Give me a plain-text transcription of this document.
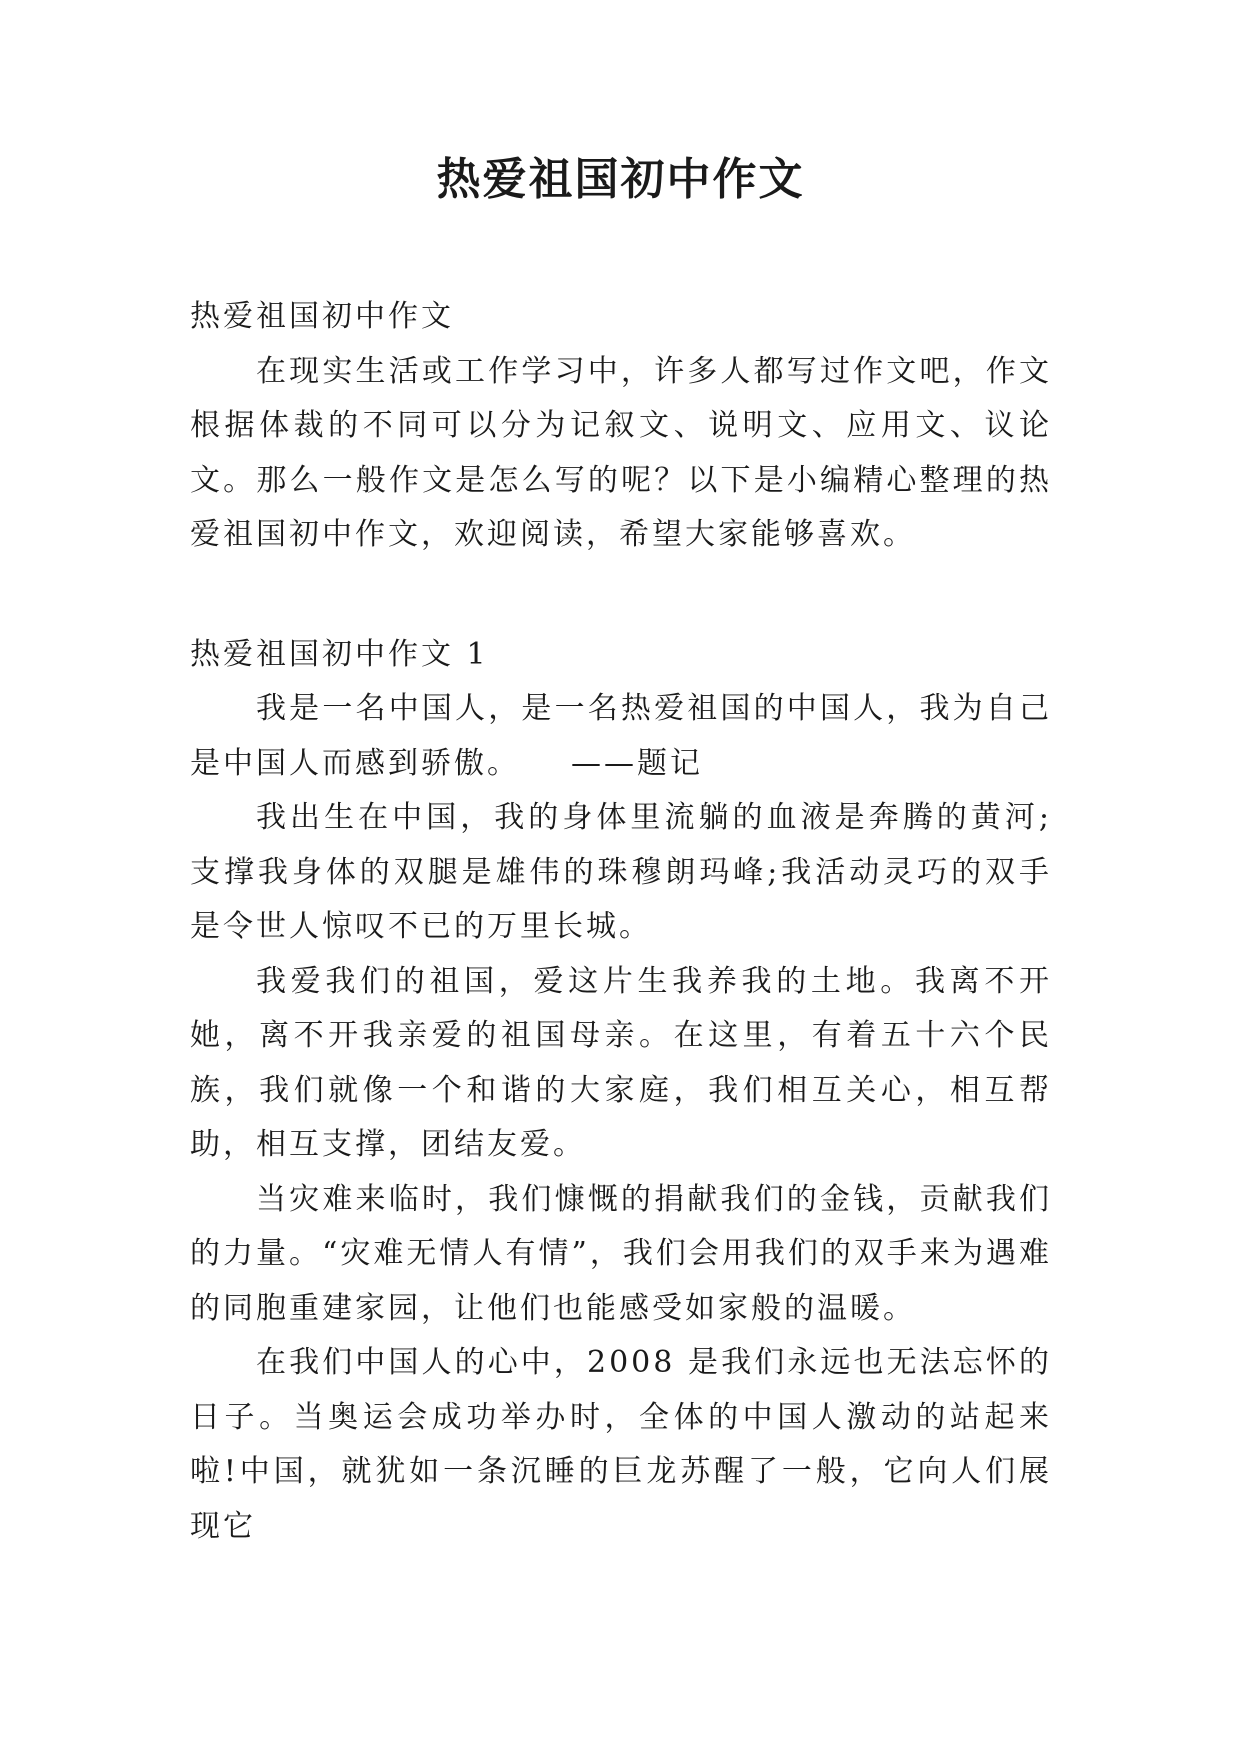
热爱祖国初中作文

热爱祖国初中作文

在现实生活或工作学习中，许多人都写过作文吧，作文根据体裁的不同可以分为记叙文、说明文、应用文、议论文。那么一般作文是怎么写的呢？以下是小编精心整理的热爱祖国初中作文，欢迎阅读，希望大家能够喜欢。

热爱祖国初中作文 1

我是一名中国人，是一名热爱祖国的中国人，我为自己是中国人而感到骄傲。　　——题记

我出生在中国，我的身体里流躺的血液是奔腾的黄河;支撑我身体的双腿是雄伟的珠穆朗玛峰;我活动灵巧的双手是令世人惊叹不已的万里长城。

我爱我们的祖国，爱这片生我养我的土地。我离不开她，离不开我亲爱的祖国母亲。在这里，有着五十六个民族，我们就像一个和谐的大家庭，我们相互关心，相互帮助，相互支撑，团结友爱。

当灾难来临时，我们慷慨的捐献我们的金钱，贡献我们的力量。“灾难无情人有情”，我们会用我们的双手来为遇难的同胞重建家园，让他们也能感受如家般的温暖。

在我们中国人的心中，2008 是我们永远也无法忘怀的日子。当奥运会成功举办时，全体的中国人激动的站起来啦!中国，就犹如一条沉睡的巨龙苏醒了一般，它向人们展现它
